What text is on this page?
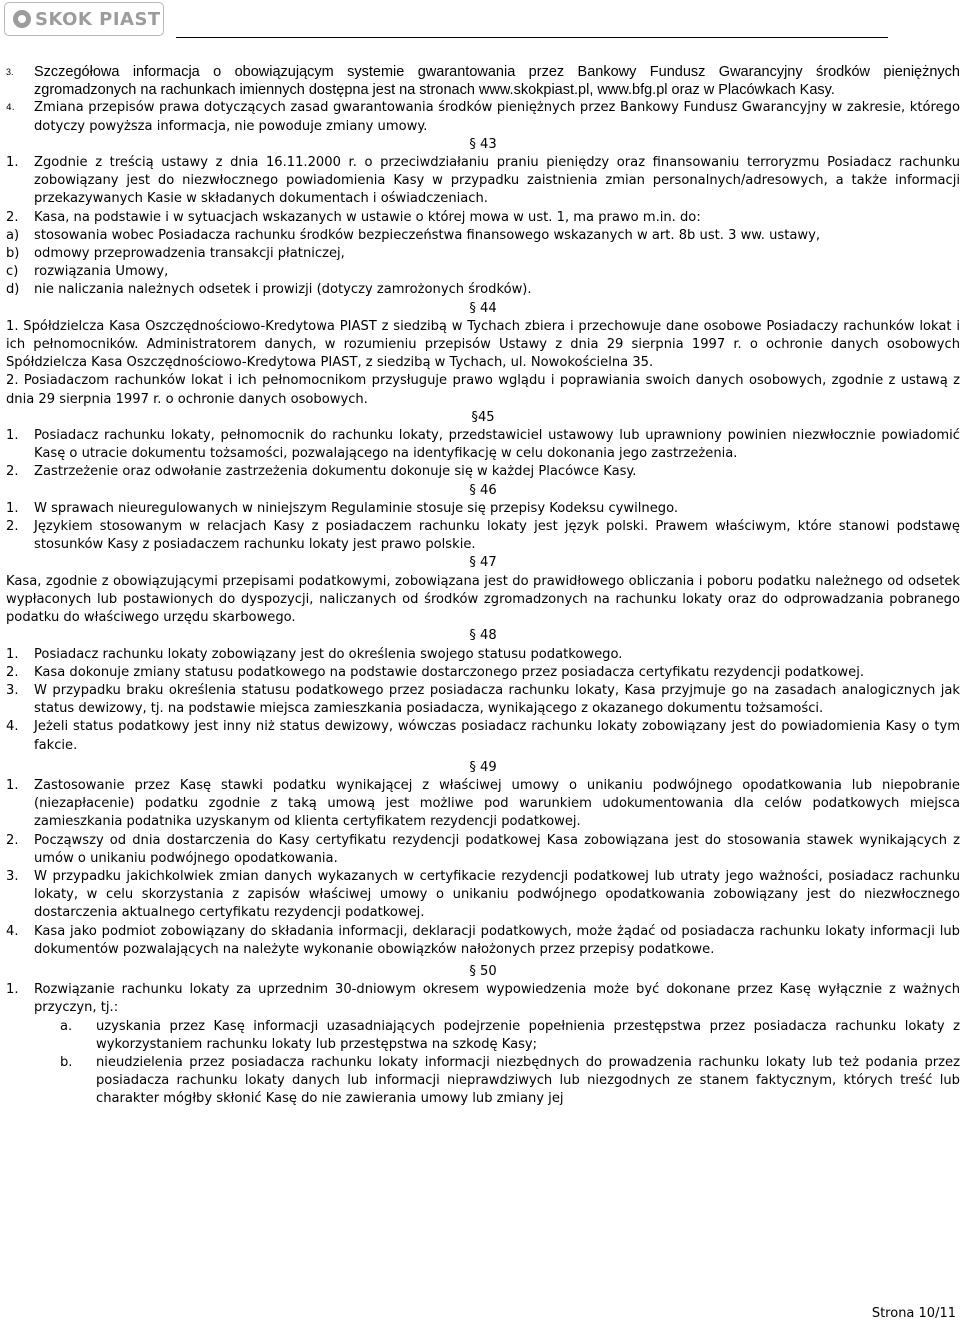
SKOK PIAST
3.	Szczegółowa informacja o obowiązującym systemie gwarantowania przez Bankowy Fundusz Gwarancyjny środków pieniężnych zgromadzonych na rachunkach imiennych dostępna jest na stronach www.skokpiast.pl, www.bfg.pl oraz w Placówkach Kasy.
4.	Zmiana przepisów prawa dotyczących zasad gwarantowania środków pieniężnych przez Bankowy Fundusz Gwarancyjny w zakresie, którego dotyczy powyższa informacja, nie powoduje zmiany umowy.

§ 43

1.	Zgodnie z treścią ustawy z dnia 16.11.2000 r. o przeciwdziałaniu praniu pieniędzy oraz finansowaniu terroryzmu Posiadacz rachunku zobowiązany jest do niezwłocznego powiadomienia Kasy w przypadku zaistnienia zmian personalnych/adresowych, a także informacji przekazywanych Kasie w składanych dokumentach i oświadczeniach.
2.	Kasa, na podstawie i w sytuacjach wskazanych w ustawie o której mowa w ust. 1, ma prawo m.in. do:
a)	stosowania wobec Posiadacza rachunku środków bezpieczeństwa finansowego wskazanych w art. 8b ust. 3 ww. ustawy,
b)	odmowy przeprowadzenia transakcji płatniczej,
c)	rozwiązania Umowy,
d)	nie naliczania należnych odsetek i prowizji (dotyczy zamrożonych środków).

§ 44

1. Spółdzielcza Kasa Oszczędnościowo-Kredytowa PIAST z siedzibą w Tychach zbiera i przechowuje dane osobowe Posiadaczy rachunków lokat i ich pełnomocników. Administratorem danych, w rozumieniu przepisów Ustawy z dnia 29 sierpnia 1997 r. o ochronie danych osobowych Spółdzielcza Kasa Oszczędnościowo-Kredytowa PIAST, z siedzibą w Tychach, ul. Nowokościelna 35.

2. Posiadaczom rachunków lokat i ich pełnomocnikom przysługuje prawo wglądu i poprawiania swoich danych osobowych, zgodnie z ustawą z dnia 29 sierpnia 1997 r. o ochronie danych osobowych.

§45

1.	Posiadacz rachunku lokaty, pełnomocnik do rachunku lokaty, przedstawiciel ustawowy lub uprawniony powinien niezwłocznie powiadomić Kasę o utracie dokumentu tożsamości, pozwalającego na identyfikację w celu dokonania jego zastrzeżenia.
2.	Zastrzeżenie oraz odwołanie zastrzeżenia dokumentu dokonuje się w każdej Placówce Kasy.

§ 46

1.	W sprawach nieuregulowanych w niniejszym Regulaminie stosuje się przepisy Kodeksu cywilnego.
2.	Językiem stosowanym w relacjach Kasy z posiadaczem rachunku lokaty jest język polski. Prawem właściwym, które stanowi podstawę stosunków Kasy z posiadaczem rachunku lokaty jest prawo polskie.

§ 47

Kasa, zgodnie z obowiązującymi przepisami podatkowymi, zobowiązana jest do prawidłowego obliczania i poboru podatku należnego od odsetek wypłaconych lub postawionych do dyspozycji, naliczanych od środków zgromadzonych na rachunku lokaty oraz do odprowadzania pobranego podatku do właściwego urzędu skarbowego.

§ 48

1.	Posiadacz rachunku lokaty zobowiązany jest do określenia swojego statusu podatkowego.
2.	Kasa dokonuje zmiany statusu podatkowego na podstawie dostarczonego przez posiadacza certyfikatu rezydencji podatkowej.
3.	W przypadku braku określenia statusu podatkowego przez posiadacza rachunku lokaty, Kasa przyjmuje go na zasadach analogicznych jak status dewizowy, tj. na podstawie miejsca zamieszkania posiadacza, wynikającego z okazanego dokumentu tożsamości.
4.	Jeżeli status podatkowy jest inny niż status dewizowy, wówczas posiadacz rachunku lokaty zobowiązany jest do powiadomienia Kasy o tym fakcie.

§ 49

1.	Zastosowanie przez Kasę stawki podatku wynikającej z właściwej umowy o unikaniu podwójnego opodatkowania lub niepobranie (niezapłacenie) podatku zgodnie z taką umową jest możliwe pod warunkiem udokumentowania dla celów podatkowych miejsca zamieszkania podatnika uzyskanym od klienta certyfikatem rezydencji podatkowej.
2.	Począwszy od dnia dostarczenia do Kasy certyfikatu rezydencji podatkowej Kasa zobowiązana jest do stosowania stawek wynikających z umów o unikaniu podwójnego opodatkowania.
3.	W przypadku jakichkolwiek zmian danych wykazanych w certyfikacie rezydencji podatkowej lub utraty jego ważności, posiadacz rachunku lokaty, w celu skorzystania z zapisów właściwej umowy o unikaniu podwójnego opodatkowania zobowiązany jest do niezwłocznego dostarczenia aktualnego certyfikatu rezydencji podatkowej.
4.	Kasa jako podmiot zobowiązany do składania informacji, deklaracji podatkowych, może żądać od posiadacza rachunku lokaty informacji lub dokumentów pozwalających na należyte wykonanie obowiązków nałożonych przez przepisy podatkowe.

§ 50

1.	Rozwiązanie rachunku lokaty za uprzednim 30-dniowym okresem wypowiedzenia może być dokonane przez Kasę wyłącznie z ważnych przyczyn, tj.:
a.	uzyskania przez Kasę informacji uzasadniających podejrzenie popełnienia przestępstwa przez posiadacza rachunku lokaty z wykorzystaniem rachunku lokaty lub przestępstwa na szkodę Kasy;
b.	nieudzielenia przez posiadacza rachunku lokaty informacji niezbędnych do prowadzenia rachunku lokaty lub też podania przez posiadacza rachunku lokaty danych lub informacji nieprawdziwych lub niezgodnych ze stanem faktycznym, których treść lub charakter mógłby skłonić Kasę do nie zawierania umowy lub zmiany jej
Strona 10/11
